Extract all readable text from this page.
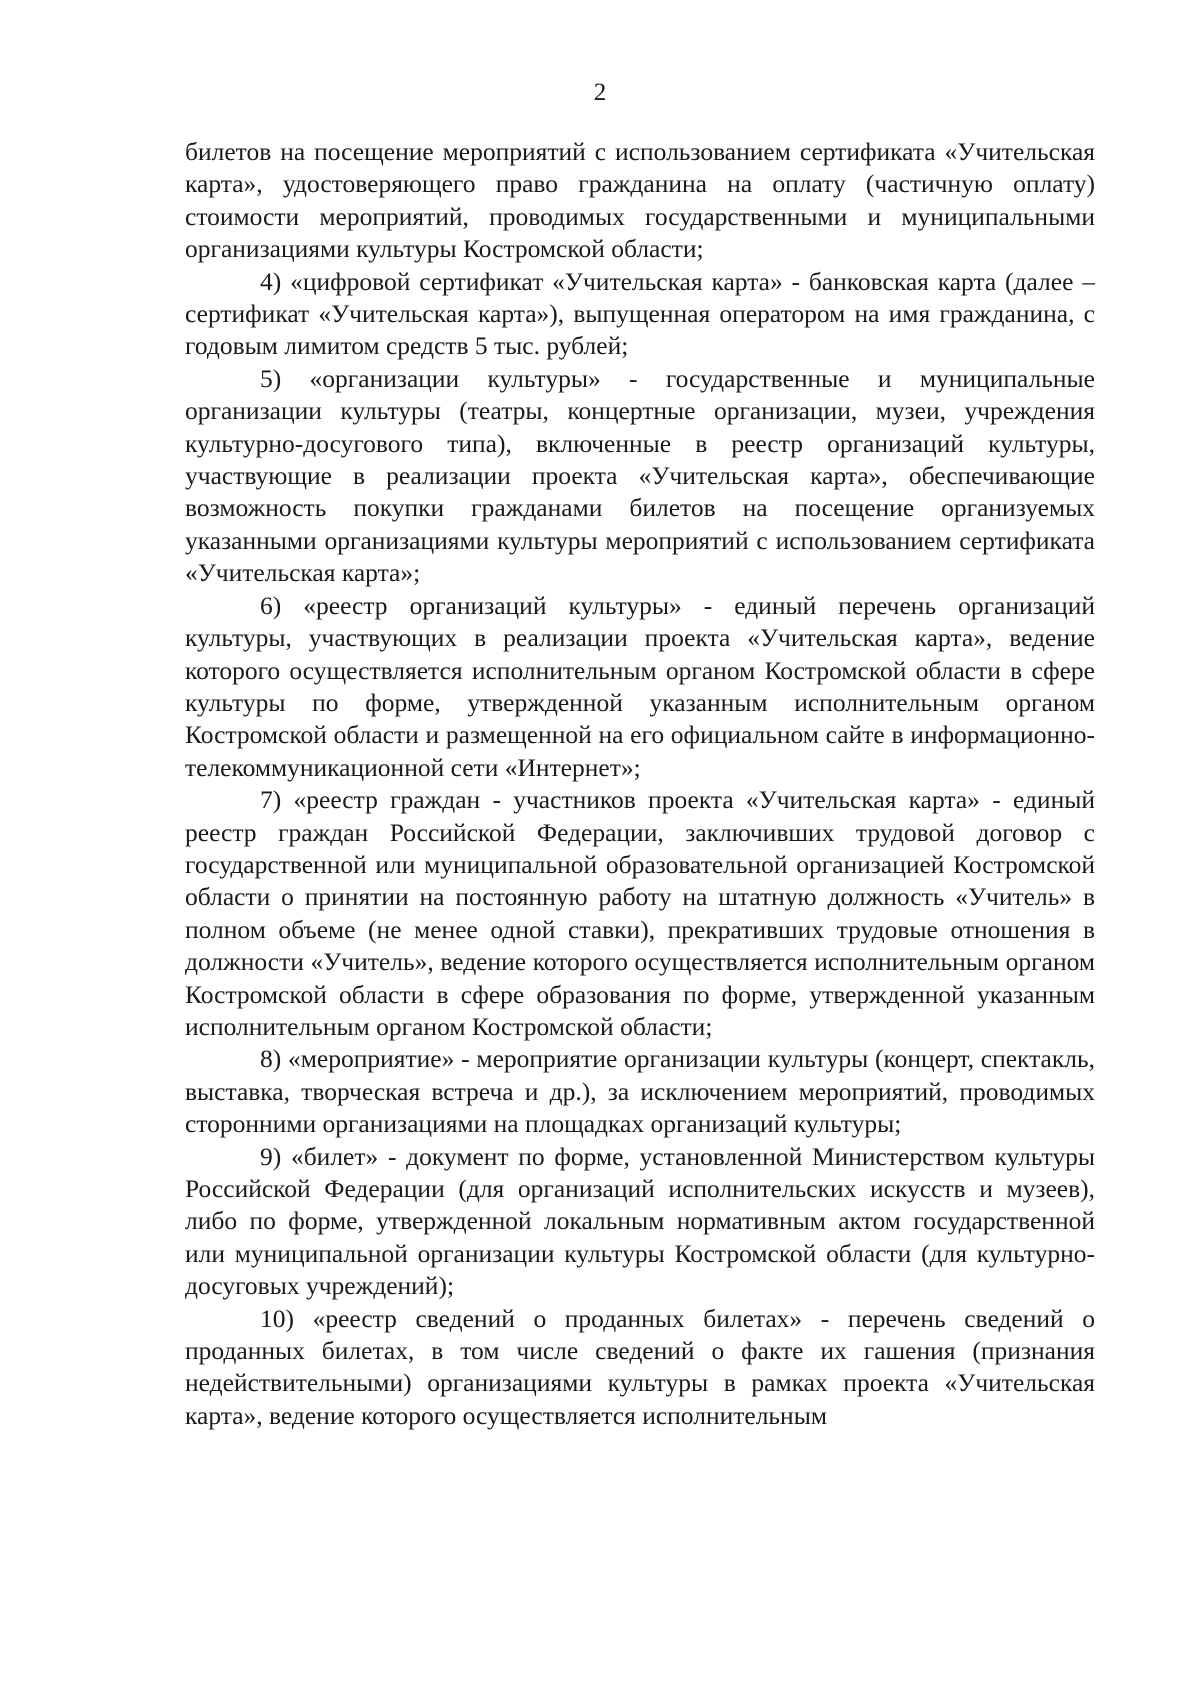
2

билетов на посещение мероприятий с использованием сертификата «Учительская карта», удостоверяющего право гражданина на оплату (частичную оплату) стоимости мероприятий, проводимых государственными и муниципальными организациями культуры Костромской области;

4) «цифровой сертификат «Учительская карта» - банковская карта (далее – сертификат «Учительская карта»), выпущенная оператором на имя гражданина, с годовым лимитом средств 5 тыс. рублей;

5) «организации культуры» - государственные и муниципальные организации культуры (театры, концертные организации, музеи, учреждения культурно-досугового типа), включенные в реестр организаций культуры, участвующие в реализации проекта «Учительская карта», обеспечивающие возможность покупки гражданами билетов на посещение организуемых указанными организациями культуры мероприятий с использованием сертификата «Учительская карта»;

6) «реестр организаций культуры» - единый перечень организаций культуры, участвующих в реализации проекта «Учительская карта», ведение которого осуществляется исполнительным органом Костромской области в сфере культуры по форме, утвержденной указанным исполнительным органом Костромской области и размещенной на его официальном сайте в информационно-телекоммуникационной сети «Интернет»;

7) «реестр граждан - участников проекта «Учительская карта» - единый реестр граждан Российской Федерации, заключивших трудовой договор с государственной или муниципальной образовательной организацией Костромской области о принятии на постоянную работу на штатную должность «Учитель» в полном объеме (не менее одной ставки), прекративших трудовые отношения в должности «Учитель», ведение которого осуществляется исполнительным органом Костромской области в сфере образования по форме, утвержденной указанным исполнительным органом Костромской области;

8) «мероприятие» - мероприятие организации культуры (концерт, спектакль, выставка, творческая встреча и др.), за исключением мероприятий, проводимых сторонними организациями на площадках организаций культуры;

9) «билет» - документ по форме, установленной Министерством культуры Российской Федерации (для организаций исполнительских искусств и музеев), либо по форме, утвержденной локальным нормативным актом государственной или муниципальной организации культуры Костромской области (для культурно-досуговых учреждений);

10) «реестр сведений о проданных билетах» - перечень сведений о проданных билетах, в том числе сведений о факте их гашения (признания недействительными) организациями культуры в рамках проекта «Учительская карта», ведение которого осуществляется исполнительным
